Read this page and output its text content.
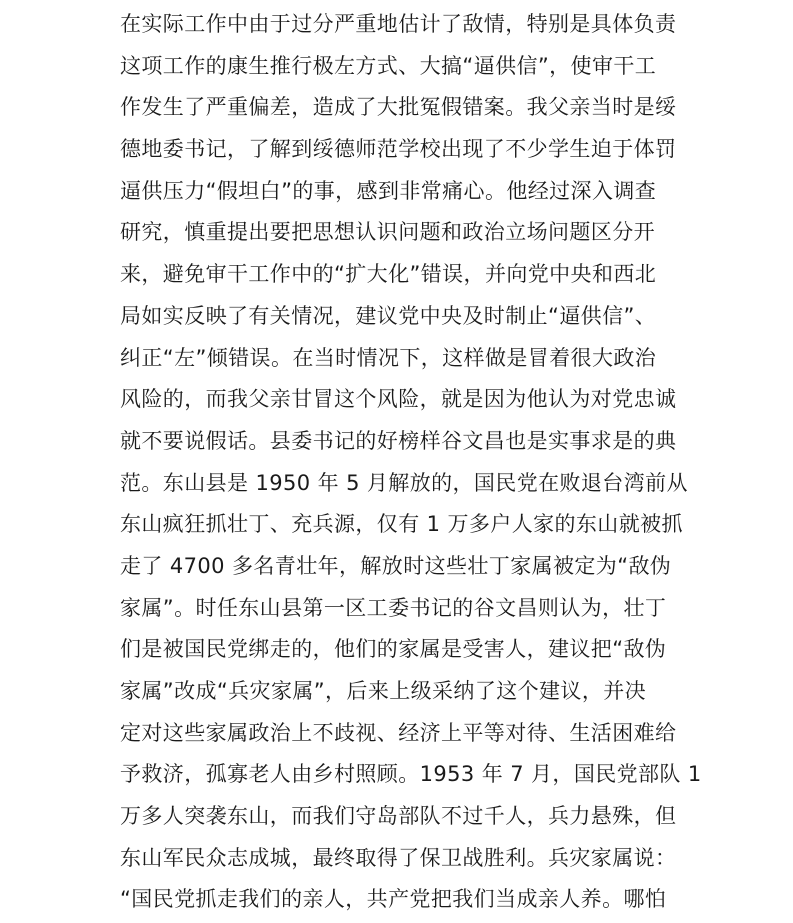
在实际工作中由于过分严重地估计了敌情，特别是具体负责
这项工作的康生推行极左方式、大搞“逼供信”，使审干工
作发生了严重偏差，造成了大批冤假错案。我父亲当时是绥
德地委书记，了解到绥德师范学校出现了不少学生迫于体罚
逼供压力“假坦白”的事，感到非常痛心。他经过深入调查
研究，慎重提出要把思想认识问题和政治立场问题区分开
来，避免审干工作中的“扩大化”错误，并向党中央和西北
局如实反映了有关情况，建议党中央及时制止“逼供信”、
纠正“左”倾错误。在当时情况下，这样做是冒着很大政治
风险的，而我父亲甘冒这个风险，就是因为他认为对党忠诚
就不要说假话。县委书记的好榜样谷文昌也是实事求是的典
范。东山县是 1950 年 5 月解放的，国民党在败退台湾前从
东山疯狂抓壮丁、充兵源，仅有 1 万多户人家的东山就被抓
走了 4700 多名青壮年，解放时这些壮丁家属被定为“敌伪
家属”。时任东山县第一区工委书记的谷文昌则认为，壮丁
们是被国民党绑走的，他们的家属是受害人，建议把“敌伪
家属”改成“兵灾家属”，后来上级采纳了这个建议，并决
定对这些家属政治上不歧视、经济上平等对待、生活困难给
予救济，孤寡老人由乡村照顾。1953 年 7 月，国民党部队 1
万多人突袭东山，而我们守岛部队不过千人，兵力悬殊，但
东山军民众志成城，最终取得了保卫战胜利。兵灾家属说：
“国民党抓走我们的亲人，共产党把我们当成亲人养。哪怕
